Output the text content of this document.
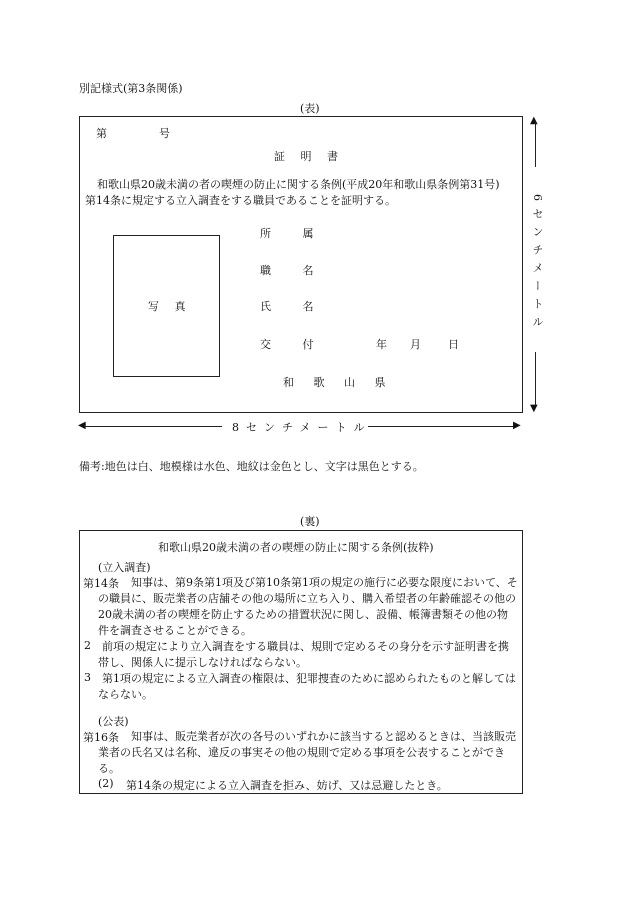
別記様式(第3条関係)
(表)
第	号
証 明 書
和歌山県20歳未満の者の喫煙の防止に関する条例(平成20年和歌山県条例第31号)
第14条に規定する立入調査をする職員であることを証明する。
写 真
所 属
職 名
氏 名
交 付	年 月 日
和 歌 山 県
▲
6センチメートル
▼
◀	8センチメートル	▶
備考:地色は白、地模様は水色、地紋は金色とし、文字は黒色とする。
(裏)
和歌山県20歳未満の者の喫煙の防止に関する条例(抜粋)
(立入調査)
第14条	知事は、第9条第1項及び第10条第1項の規定の施行に必要な限度において、その職員に、販売業者の店舗その他の場所に立ち入り、購入希望者の年齢確認その他の20歳未満の者の喫煙を防止するための措置状況に関し、設備、帳簿書類その他の物件を調査させることができる。
2	前項の規定により立入調査をする職員は、規則で定めるその身分を示す証明書を携帯し、関係人に提示しなければならない。
3	第1項の規定による立入調査の権限は、犯罪捜査のために認められたものと解してはならない。
(公表)
第16条	知事は、販売業者が次の各号のいずれかに該当すると認めるときは、当該販売業者の氏名又は名称、違反の事実その他の規則で定める事項を公表することができる。
(2) 第14条の規定による立入調査を拒み、妨げ、又は忌避したとき。
